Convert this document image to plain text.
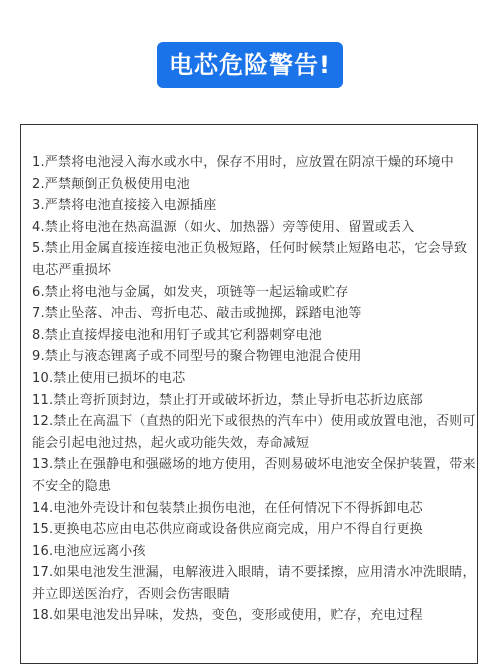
电芯危险警告!
1.严禁将电池浸入海水或水中，保存不用时，应放置在阴凉干燥的环境中
2.严禁颠倒正负极使用电池
3.严禁将电池直接接入电源插座
4.禁止将电池在热高温源（如火、加热器）旁等使用、留置或丢入
5.禁止用金属直接连接电池正负极短路，任何时候禁止短路电芯，它会导致电芯严重损坏
6.禁止将电池与金属，如发夹，项链等一起运输或贮存
7.禁止坠落、冲击、弯折电芯、敲击或抛掷，踩踏电池等
8.禁止直接焊接电池和用钉子或其它利器刺穿电池
9.禁止与液态锂离子或不同型号的聚合物锂电池混合使用
10.禁止使用已损坏的电芯
11.禁止弯折顶封边，禁止打开或破坏折边，禁止导折电芯折边底部
12.禁止在高温下（直热的阳光下或很热的汽车中）使用或放置电池，否则可能会引起电池过热，起火或功能失效，寿命减短
13.禁止在强静电和强磁场的地方使用，否则易破坏电池安全保护装置，带来不安全的隐患
14.电池外壳设计和包装禁止损伤电池，在任何情况下不得拆卸电芯
15.更换电芯应由电芯供应商或设备供应商完成，用户不得自行更换
16.电池应远离小孩
17.如果电池发生泄漏，电解液进入眼睛，请不要揉擦，应用清水冲洗眼睛，并立即送医治疗，否则会伤害眼睛
18.如果电池发出异味，发热，变色，变形或使用，贮存，充电过程
